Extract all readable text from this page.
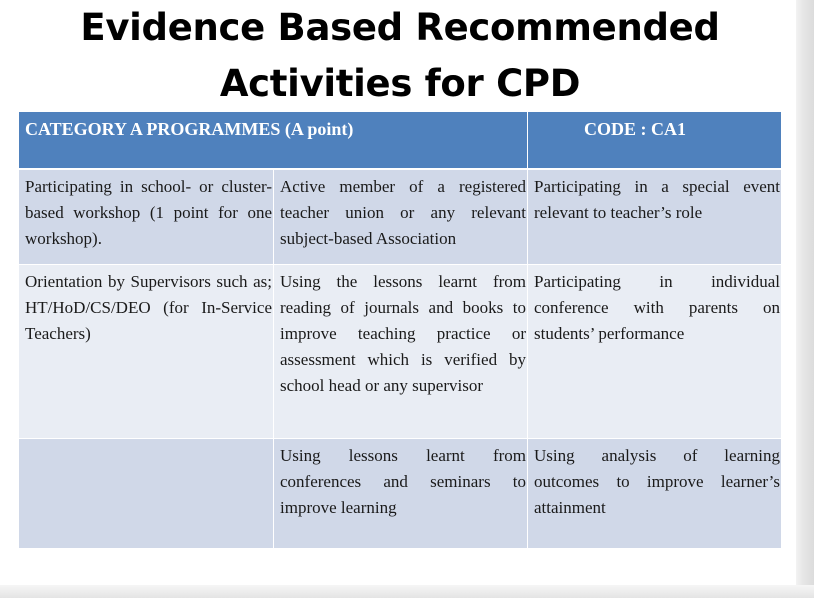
Evidence Based Recommended
Activities for CPD
CATEGORY A PROGRAMMES (A point)		CODE : CA1
Participating in school- or cluster-based workshop (1 point for one workshop).	Active member of a registered teacher union or any relevant subject-based Association	Participating in a special event relevant to teacher’s role
Orientation by Supervisors such as; HT/HoD/CS/DEO (for In-Service Teachers)	Using the lessons learnt from reading of journals and books to improve teaching practice or assessment which is verified by school head or any supervisor	Participating in individual conference with parents on students’ performance
	Using lessons learnt from conferences and seminars to improve learning	Using analysis of learning outcomes to improve learner’s attainment
